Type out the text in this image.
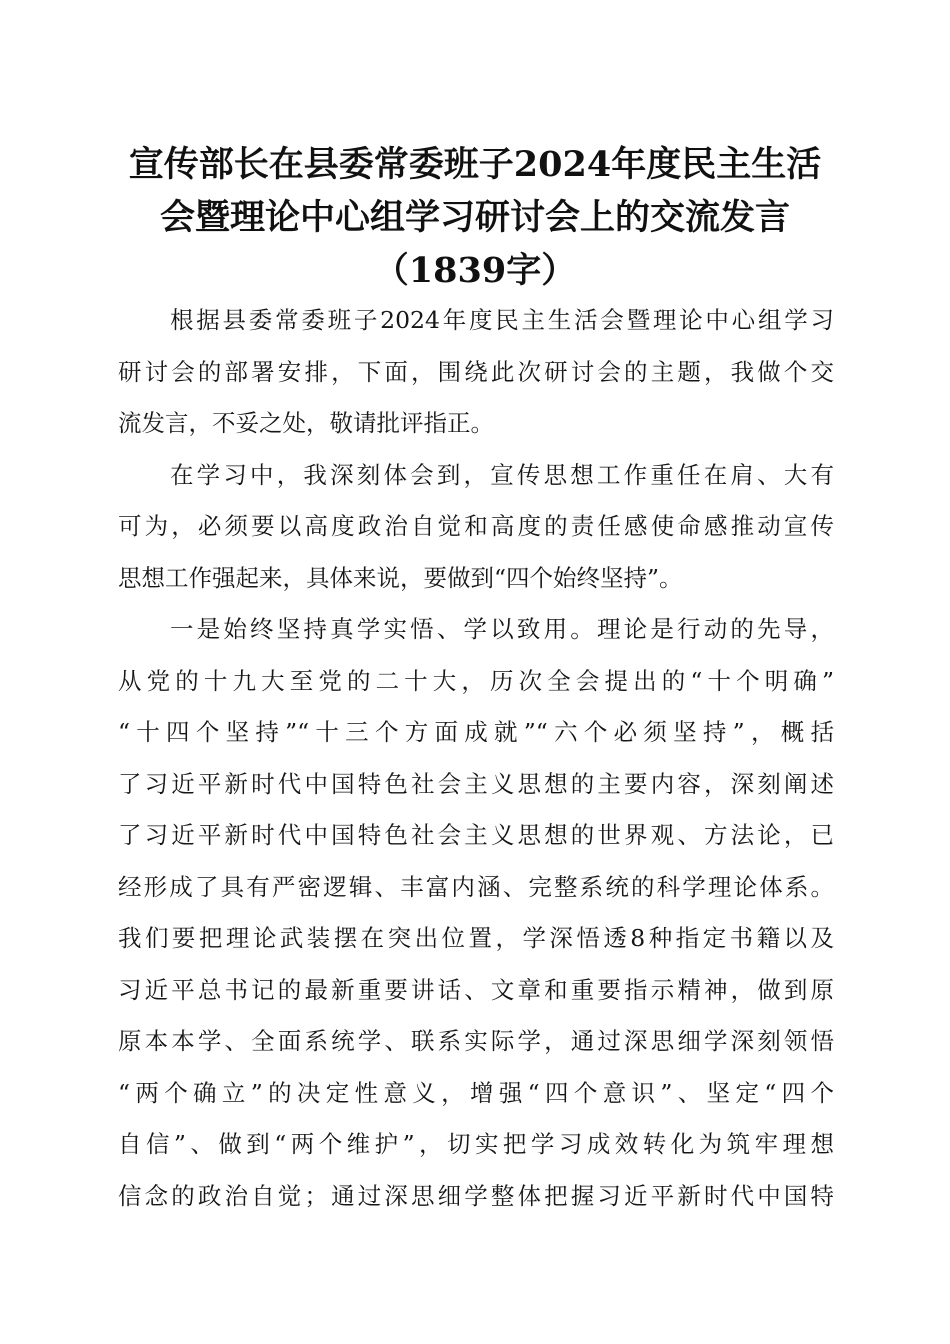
宣传部长在县委常委班子2024年度民主生活
会暨理论中心组学习研讨会上的交流发言
（1839字）
根据县委常委班子2024年度民主生活会暨理论中心组学习
研讨会的部署安排，下面，围绕此次研讨会的主题，我做个交
流发言，不妥之处，敬请批评指正。
在学习中，我深刻体会到，宣传思想工作重任在肩、大有
可为，必须要以高度政治自觉和高度的责任感使命感推动宣传
思想工作强起来，具体来说，要做到“四个始终坚持”。
一是始终坚持真学实悟、学以致用。理论是行动的先导，
从党的十九大至党的二十大，历次全会提出的“十个明确”
“十四个坚持”“十三个方面成就”“六个必须坚持”，概括
了习近平新时代中国特色社会主义思想的主要内容，深刻阐述
了习近平新时代中国特色社会主义思想的世界观、方法论，已
经形成了具有严密逻辑、丰富内涵、完整系统的科学理论体系。
我们要把理论武装摆在突出位置，学深悟透8种指定书籍以及
习近平总书记的最新重要讲话、文章和重要指示精神，做到原
原本本学、全面系统学、联系实际学，通过深思细学深刻领悟
“两个确立”的决定性意义，增强“四个意识”、坚定“四个
自信”、做到“两个维护”，切实把学习成效转化为筑牢理想
信念的政治自觉；通过深思细学整体把握习近平新时代中国特
